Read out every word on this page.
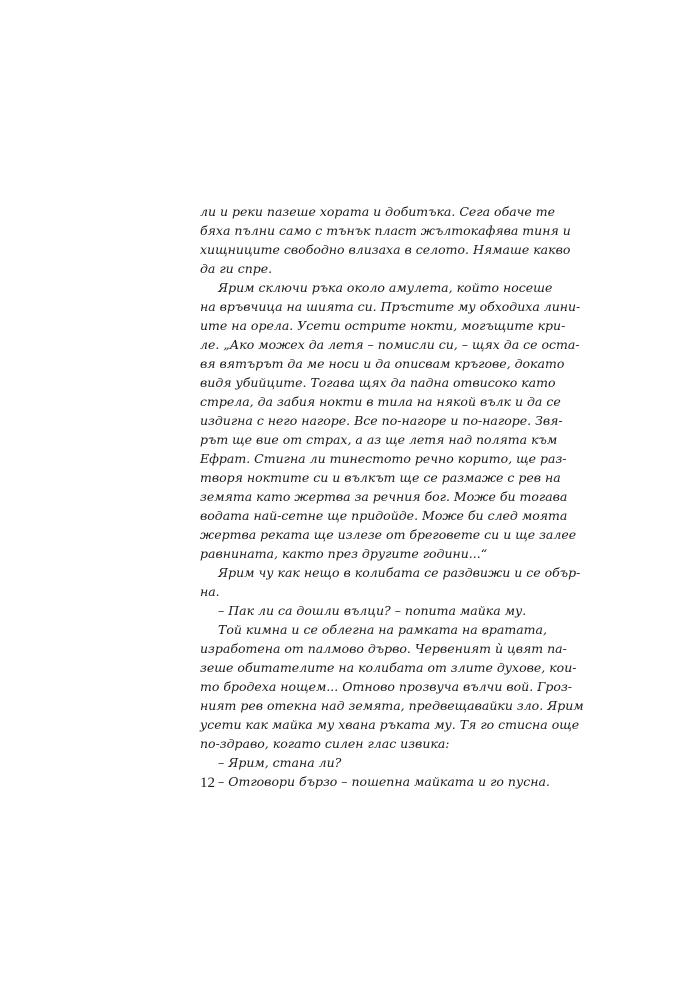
ли и реки пазеше хората и добитъка. Сега обаче те
бяха пълни само с тънък пласт жълтокафява тиня и
хищниците свободно влизаха в селото. Нямаше какво
да ги спре.
Ярим сключи ръка около амулета, който носеше
на връвчица на шията си. Пръстите му обходиха лини-
ите на орела. Усети острите нокти, могъщите кри-
ле. „Ако можех да летя – помисли си, – щях да се оста-
вя вятърът да ме носи и да описвам кръгове, докато
видя убийците. Тогава щях да падна отвисоко като
стрела, да забия нокти в тила на някой вълк и да се
издигна с него нагоре. Все по-нагоре и по-нагоре. Звя-
рът ще вие от страх, а аз ще летя над полята към
Ефрат. Стигна ли тинестото речно корито, ще раз-
творя ноктите си и вълкът ще се размаже с рев на
земята като жертва за речния бог. Може би тогава
водата най-сетне ще придойде. Може би след моята
жертва реката ще излезе от бреговете си и ще залее
равнината, както през другите години...“
Ярим чу как нещо в колибата се раздвижи и се обър-
на.
– Пак ли са дошли вълци? – попита майка му.
Той кимна и се облегна на рамката на вратата,
изработена от палмово дърво. Червеният ѝ цвят па-
зеше обитателите на колибата от злите духове, кои-
то бродеха нощем... Отново прозвуча вълчи вой. Грoз-
ният рев отекна над земята, предвещавайки зло. Ярим
усети как майка му хвана ръката му. Тя го стисна още
по-здраво, когато силен глас извика:
– Ярим, стана ли?
– Отговори бързо – пошепна майката и го пусна.
12
